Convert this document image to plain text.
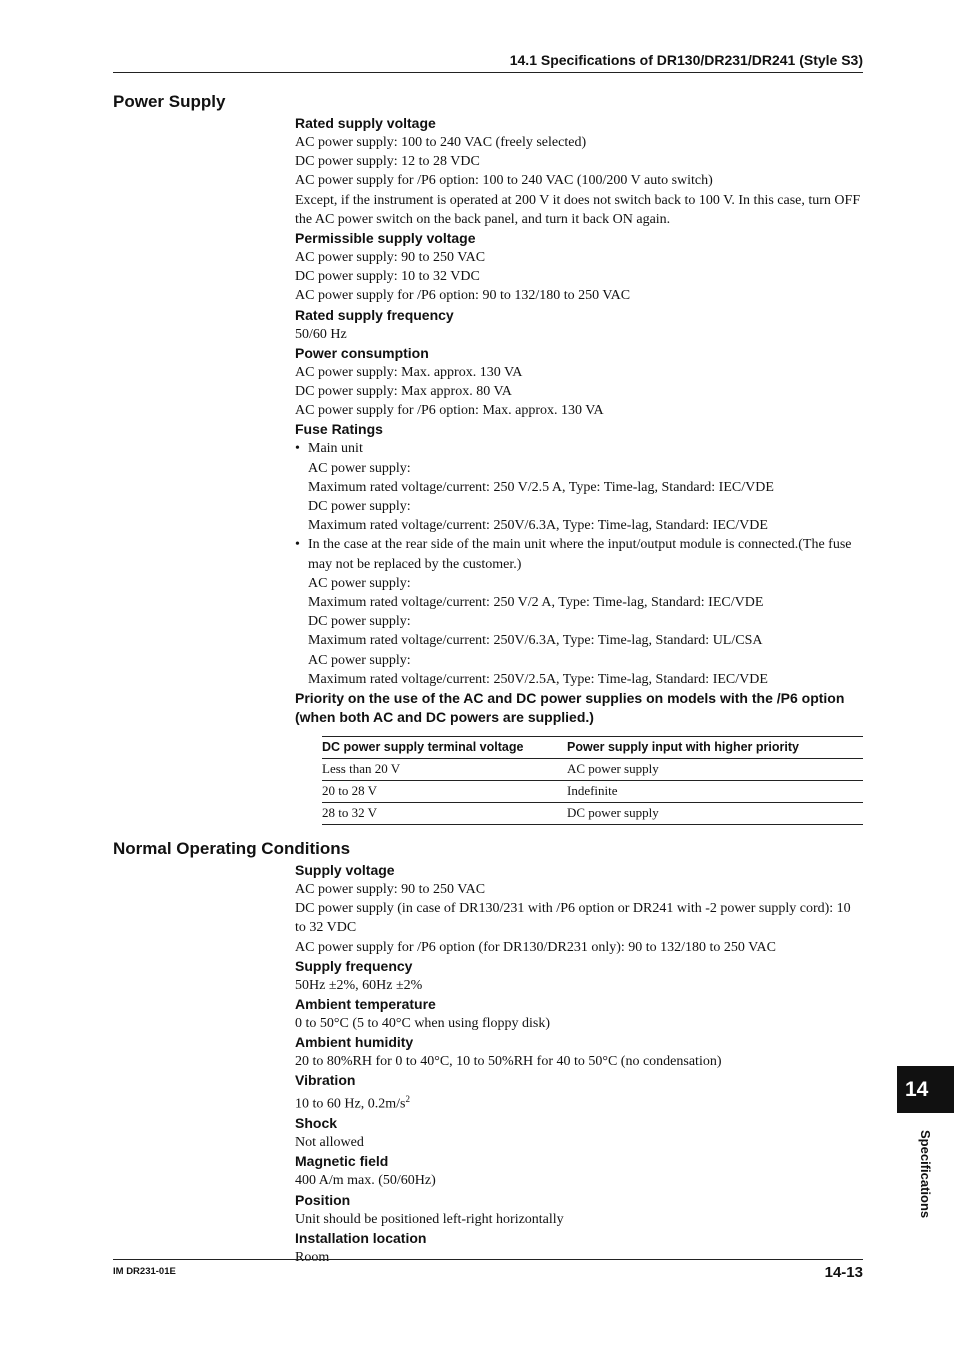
14.1 Specifications of DR130/DR231/DR241 (Style S3)
Power Supply
Rated supply voltage
AC power supply: 100 to 240 VAC (freely selected)
DC power supply: 12 to 28 VDC
AC power supply for /P6 option: 100 to 240 VAC (100/200 V auto switch)
Except, if the instrument is operated at 200 V it does not switch back to 100 V. In this case, turn OFF the AC power switch on the back panel, and turn it back ON again.
Permissible supply voltage
AC power supply: 90 to 250 VAC
DC power supply: 10 to 32 VDC
AC power supply for /P6 option: 90 to 132/180 to 250 VAC
Rated supply frequency
50/60 Hz
Power consumption
AC power supply: Max. approx. 130 VA
DC power supply: Max approx. 80 VA
AC power supply for /P6 option: Max. approx. 130 VA
Fuse Ratings
• Main unit
AC power supply:
Maximum rated voltage/current: 250 V/2.5 A, Type: Time-lag, Standard: IEC/VDE
DC power supply:
Maximum rated voltage/current: 250V/6.3A, Type: Time-lag, Standard: IEC/VDE
• In the case at the rear side of the main unit where the input/output module is connected.(The fuse may not be replaced by the customer.)
AC power supply:
Maximum rated voltage/current: 250 V/2 A, Type: Time-lag, Standard: IEC/VDE
DC power supply:
Maximum rated voltage/current: 250V/6.3A, Type: Time-lag, Standard: UL/CSA
AC power supply:
Maximum rated voltage/current: 250V/2.5A, Type: Time-lag, Standard: IEC/VDE
Priority on the use of the AC and DC power supplies on models with the /P6 option (when both AC and DC powers are supplied.)
DC power supply terminal voltage	Power supply input with higher priority
Less than 20 V	AC power supply
20 to 28 V	Indefinite
28 to 32 V	DC power supply
Normal Operating Conditions
Supply voltage
AC power supply: 90 to 250 VAC
DC power supply (in case of DR130/231 with /P6 option or DR241 with -2 power supply cord): 10 to 32 VDC
AC power supply for /P6 option (for DR130/DR231 only): 90 to 132/180 to 250 VAC
Supply frequency
50Hz ±2%, 60Hz ±2%
Ambient temperature
0 to 50°C (5 to 40°C when using floppy disk)
Ambient humidity
20 to 80%RH for 0 to 40°C, 10 to 50%RH for 40 to 50°C (no condensation)
Vibration
10 to 60 Hz, $0.2m/s^2$
Shock
Not allowed
Magnetic field
400 A/m max. (50/60Hz)
Position
Unit should be positioned left-right horizontally
Installation location
Room
14
Specifications
IM DR231-01E	14-13
